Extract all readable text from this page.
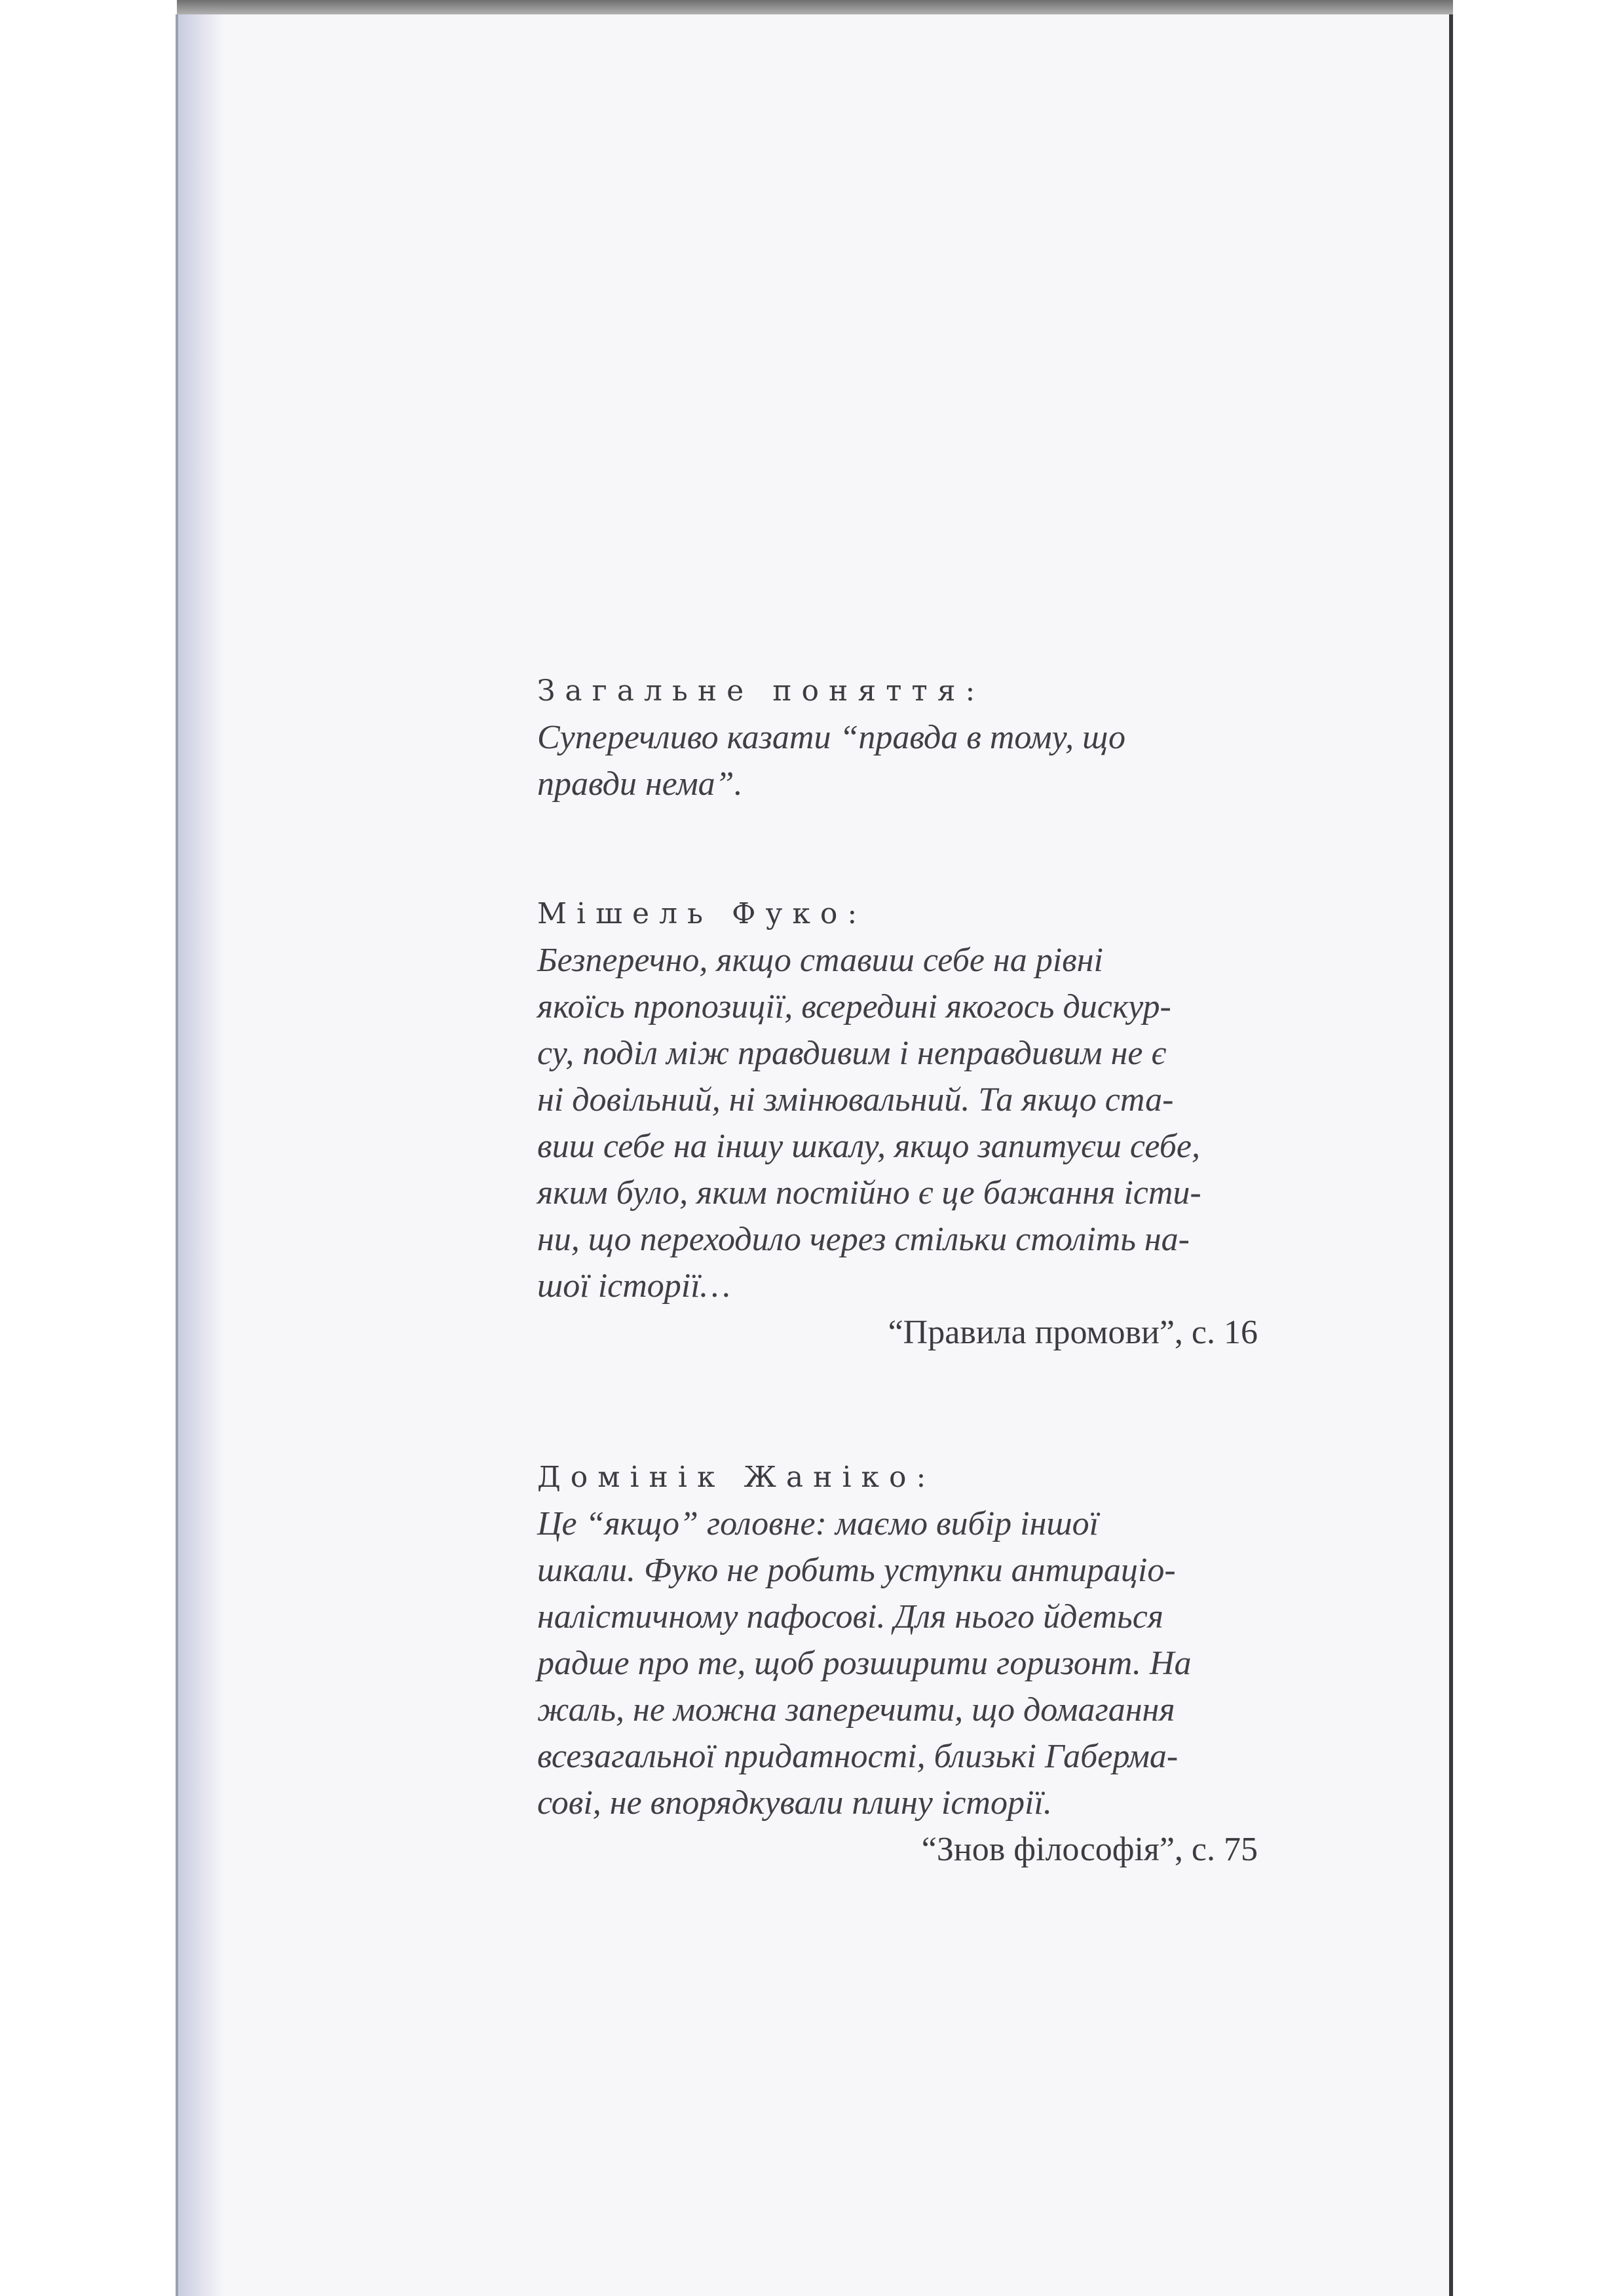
Загальне поняття:

Суперечливо казати “правда в тому, що
правди нема”.

Мішель Фуко:

Безперечно, якщо ставиш себе на рівні
якоїсь пропозиції, всередині якогось дискур-
су, поділ між правдивим і неправдивим не є
ні довільний, ні змінювальний. Та якщо ста-
виш себе на іншу шкалу, якщо запитуєш себе,
яким було, яким постійно є це бажання істи-
ни, що переходило через стільки століть на-
шої історії…

“Правила промови”, с. 16
Домінік Жаніко:

Це “якщо” головне: маємо вибір іншої
шкали. Фуко не робить уступки антираціо-
налістичному пафосові. Для нього йдеться
радше про те, щоб розширити горизонт. На
жаль, не можна заперечити, що домагання
всезагальної придатності, близькі Габерма-
сові, не впорядкували плину історії.

“Знов філософія”, с. 75
